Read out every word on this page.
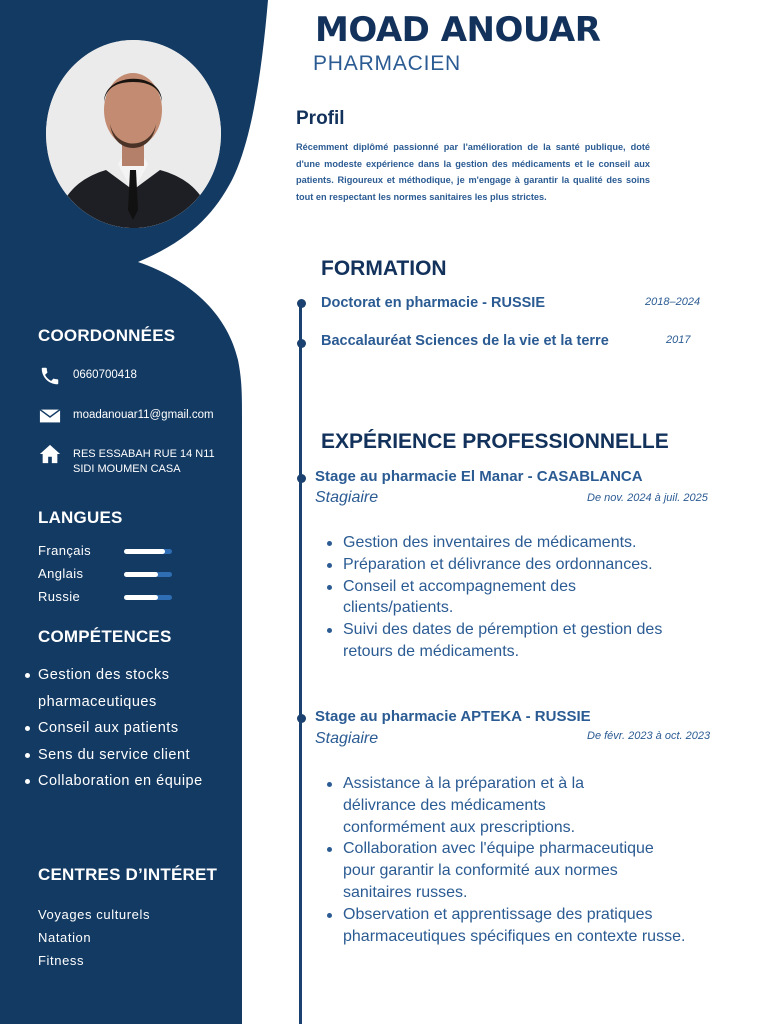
COORDONNÉES
0660700418
moadanouar11@gmail.com
RES ESSABAH RUE 14 N11
SIDI MOUMEN CASA
LANGUES
Français
Anglais
Russie
COMPÉTENCES
Gestion des stocks pharmaceutiques
Conseil aux patients
Sens du service client
Collaboration en équipe
CENTRES D’INTÉRET
Voyages culturels
Natation
Fitness
MOAD ANOUAR
PHARMACIEN
Profil
Récemment diplômé passionné par l'amélioration de la santé publique, doté d'une modeste expérience dans la gestion des médicaments et le conseil aux patients. Rigoureux et méthodique, je m'engage à garantir la qualité des soins tout en respectant les normes sanitaires les plus strictes.
FORMATION
Doctorat en pharmacie - RUSSIE	2018–2024
Baccalauréat Sciences de la vie et la terre	2017
EXPÉRIENCE PROFESSIONNELLE
Stage au pharmacie El Manar - CASABLANCA
Stagiaire	De nov. 2024 à juil. 2025
Gestion des inventaires de médicaments.
Préparation et délivrance des ordonnances.
Conseil et accompagnement des clients/patients.
Suivi des dates de péremption et gestion des retours de médicaments.
Stage au pharmacie APTEKA - RUSSIE
Stagiaire	De févr. 2023 à oct. 2023
Assistance à la préparation et à la délivrance des médicaments conformément aux prescriptions.
Collaboration avec l'équipe pharmaceutique pour garantir la conformité aux normes sanitaires russes.
Observation et apprentissage des pratiques pharmaceutiques spécifiques en contexte russe.
